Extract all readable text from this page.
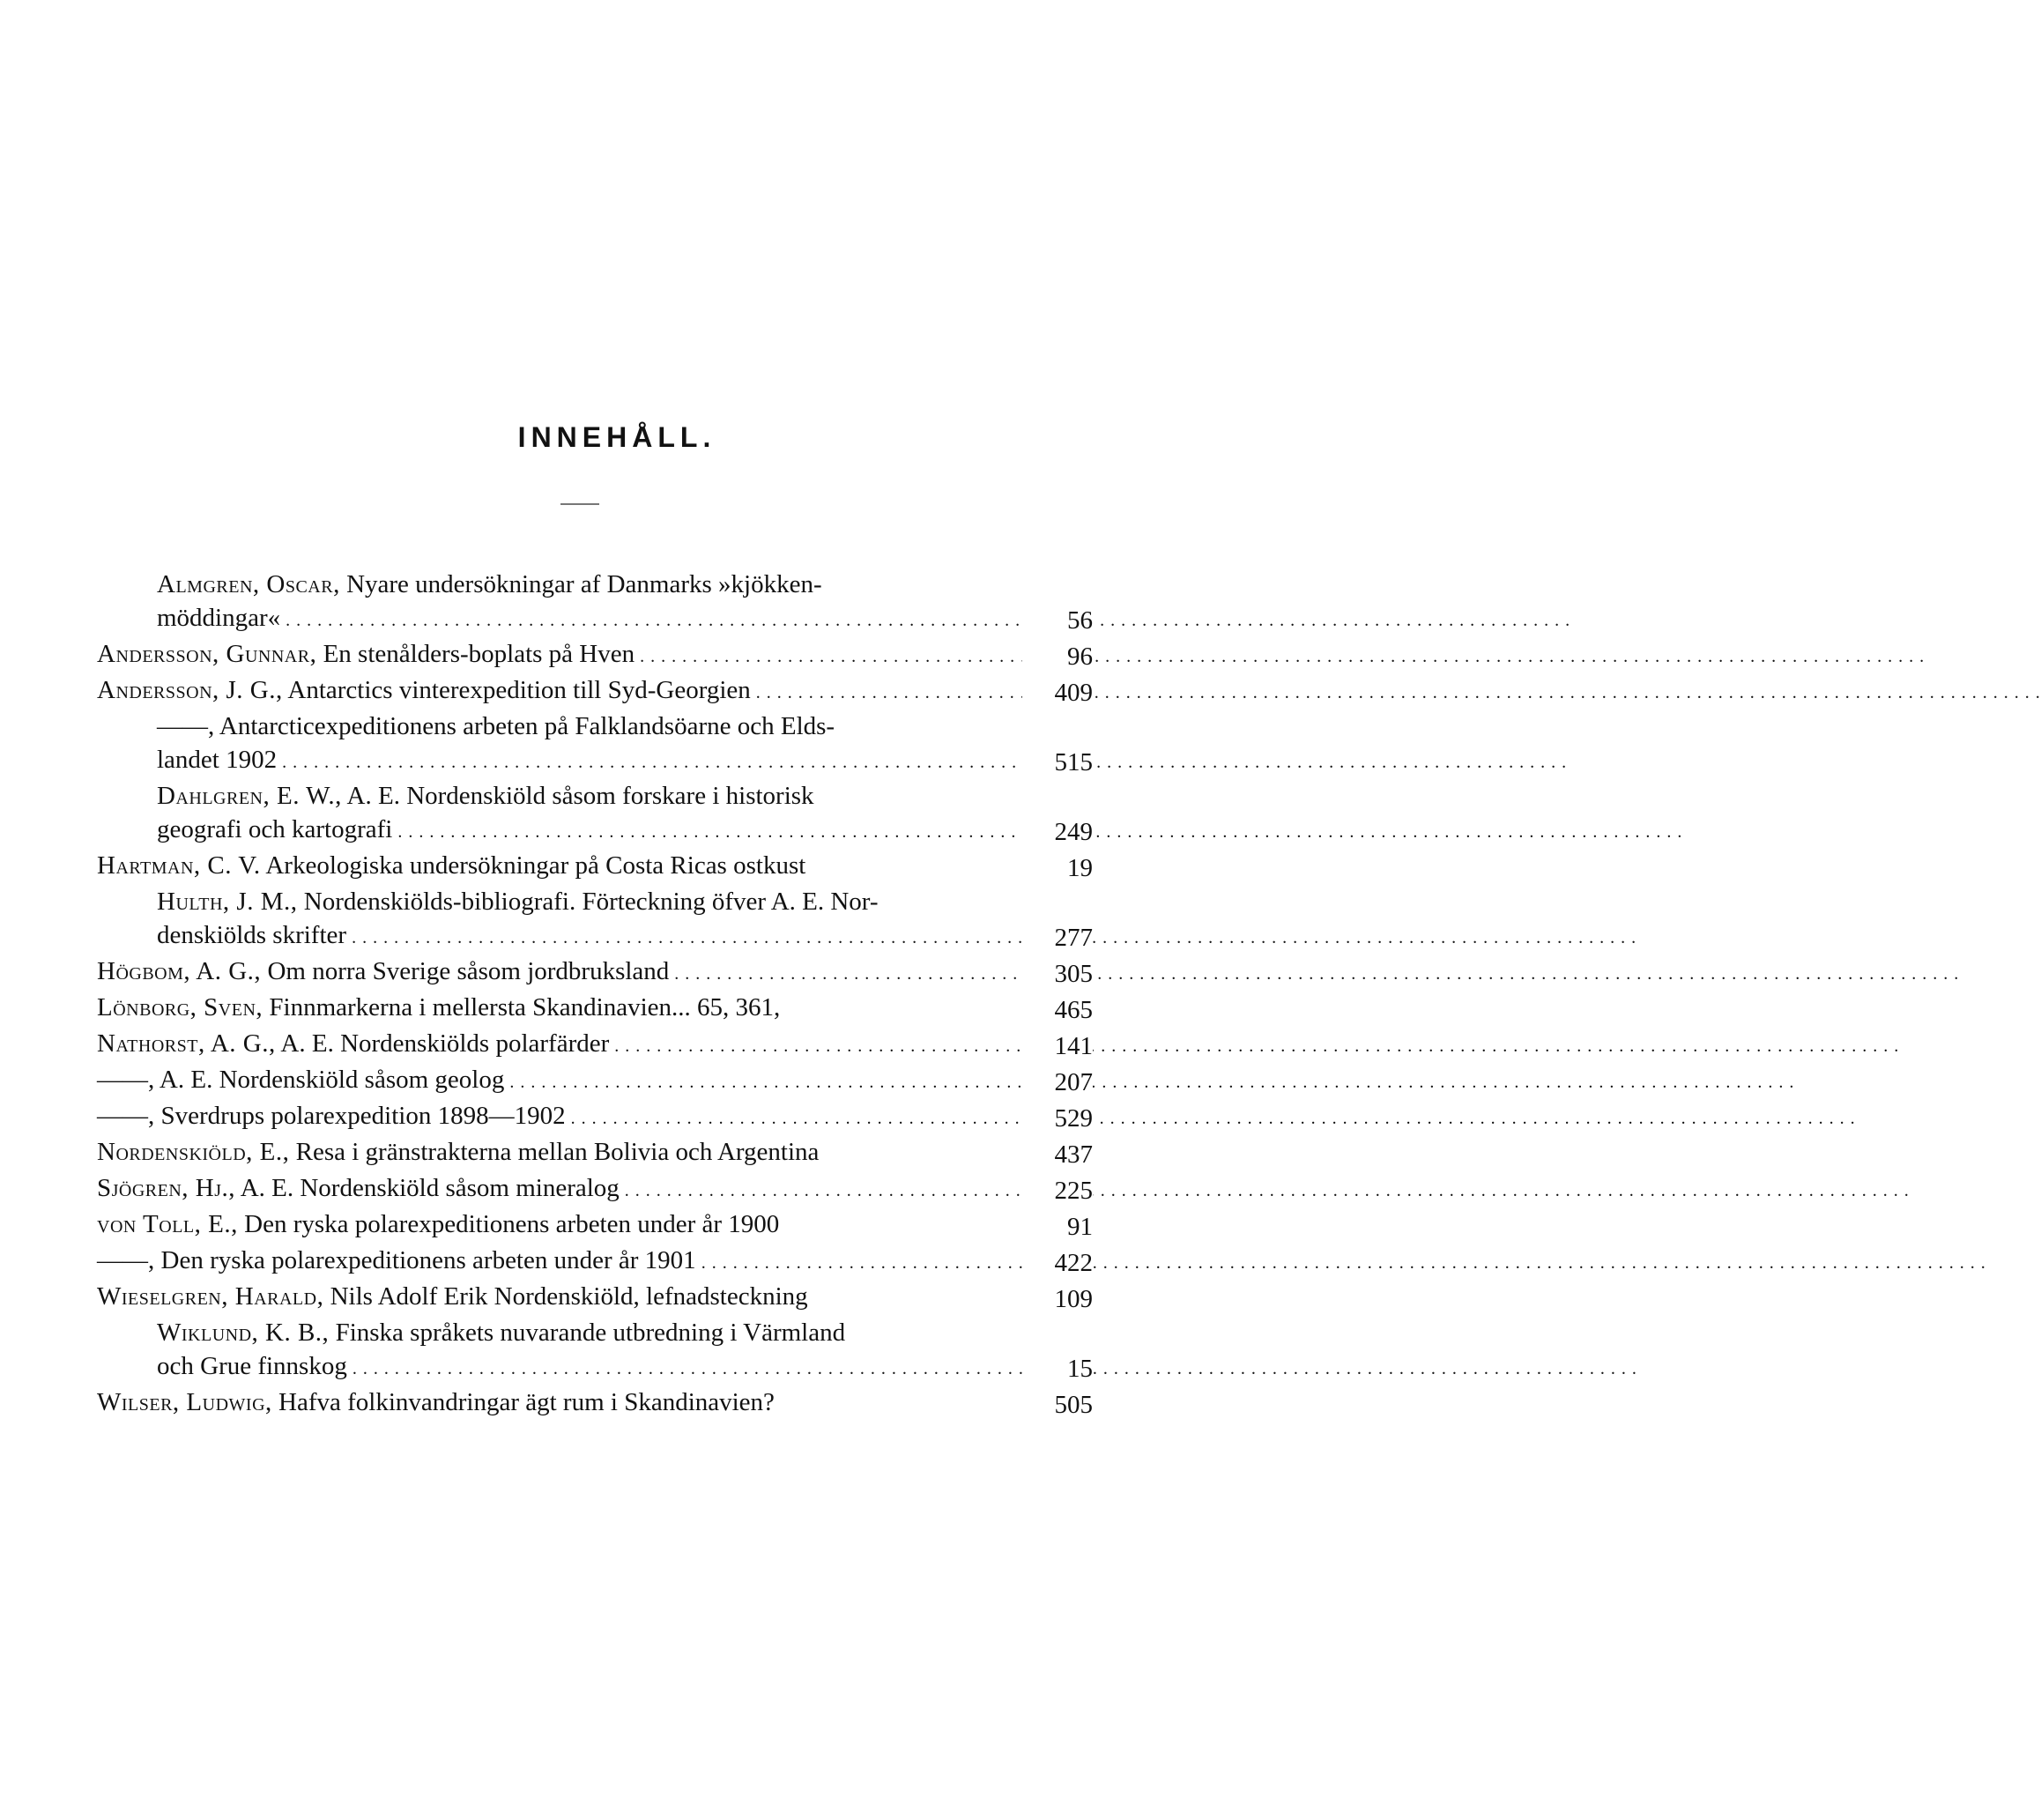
INNEHÅLL.
Almgren, Oscar, Nyare undersökningar af Danmarks »kjökken-
möddingar« . . .	56
Andersson, Gunnar, En stenålders-boplats på Hven . . .	96
Andersson, J. G., Antarctics vinterexpedition till Syd-Georgien . . .	409
——, Antarcticexpeditionens arbeten på Falklandsöarne och Elds-
landet 1902 . . .	515
Dahlgren, E. W., A. E. Nordenskiöld såsom forskare i historisk
geografi och kartografi . . .	249
Hartman, C. V. Arkeologiska undersökningar på Costa Ricas ostkust	19
Hulth, J. M., Nordenskiölds-bibliografi. Förteckning öfver A. E. Nor-
denskiölds skrifter . . .	277
Högbom, A. G., Om norra Sverige såsom jordbruksland . . .	305
Lönborg, Sven, Finnmarkerna i mellersta Skandinavien... 65, 361,	465
Nathorst, A. G., A. E. Nordenskiölds polarfärder . . .	141
——, A. E. Nordenskiöld såsom geolog . . .	207
——, Sverdrups polarexpedition 1898—1902 . . .	529
Nordenskiöld, E., Resa i gränstrakterna mellan Bolivia och Argentina	437
Sjögren, Hj., A. E. Nordenskiöld såsom mineralog . . .	225
von Toll, E., Den ryska polarexpeditionens arbeten under år 1900	91
——, Den ryska polarexpeditionens arbeten under år 1901 . . .	422
Wieselgren, Harald, Nils Adolf Erik Nordenskiöld, lefnadsteckning	109
Wiklund, K. B., Finska språkets nuvarande utbredning i Värmland
och Grue finnskog . . .	15
Wilser, Ludwig, Hafva folkinvandringar ägt rum i Skandinavien?	505
